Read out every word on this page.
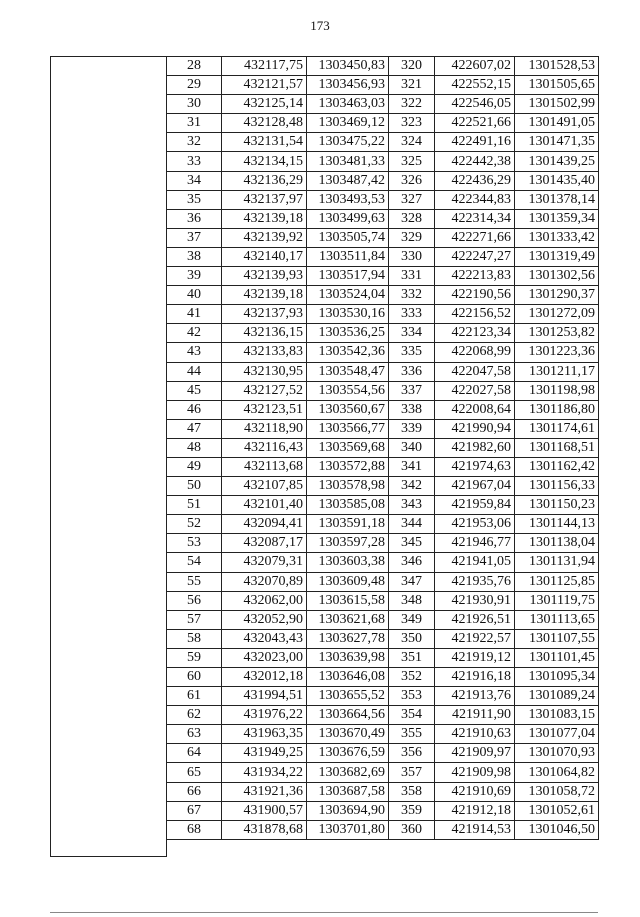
173
28	432117,75	1303450,83	320	422607,02	1301528,53
29	432121,57	1303456,93	321	422552,15	1301505,65
30	432125,14	1303463,03	322	422546,05	1301502,99
31	432128,48	1303469,12	323	422521,66	1301491,05
32	432131,54	1303475,22	324	422491,16	1301471,35
33	432134,15	1303481,33	325	422442,38	1301439,25
34	432136,29	1303487,42	326	422436,29	1301435,40
35	432137,97	1303493,53	327	422344,83	1301378,14
36	432139,18	1303499,63	328	422314,34	1301359,34
37	432139,92	1303505,74	329	422271,66	1301333,42
38	432140,17	1303511,84	330	422247,27	1301319,49
39	432139,93	1303517,94	331	422213,83	1301302,56
40	432139,18	1303524,04	332	422190,56	1301290,37
41	432137,93	1303530,16	333	422156,52	1301272,09
42	432136,15	1303536,25	334	422123,34	1301253,82
43	432133,83	1303542,36	335	422068,99	1301223,36
44	432130,95	1303548,47	336	422047,58	1301211,17
45	432127,52	1303554,56	337	422027,58	1301198,98
46	432123,51	1303560,67	338	422008,64	1301186,80
47	432118,90	1303566,77	339	421990,94	1301174,61
48	432116,43	1303569,68	340	421982,60	1301168,51
49	432113,68	1303572,88	341	421974,63	1301162,42
50	432107,85	1303578,98	342	421967,04	1301156,33
51	432101,40	1303585,08	343	421959,84	1301150,23
52	432094,41	1303591,18	344	421953,06	1301144,13
53	432087,17	1303597,28	345	421946,77	1301138,04
54	432079,31	1303603,38	346	421941,05	1301131,94
55	432070,89	1303609,48	347	421935,76	1301125,85
56	432062,00	1303615,58	348	421930,91	1301119,75
57	432052,90	1303621,68	349	421926,51	1301113,65
58	432043,43	1303627,78	350	421922,57	1301107,55
59	432023,00	1303639,98	351	421919,12	1301101,45
60	432012,18	1303646,08	352	421916,18	1301095,34
61	431994,51	1303655,52	353	421913,76	1301089,24
62	431976,22	1303664,56	354	421911,90	1301083,15
63	431963,35	1303670,49	355	421910,63	1301077,04
64	431949,25	1303676,59	356	421909,97	1301070,93
65	431934,22	1303682,69	357	421909,98	1301064,82
66	431921,36	1303687,58	358	421910,69	1301058,72
67	431900,57	1303694,90	359	421912,18	1301052,61
68	431878,68	1303701,80	360	421914,53	1301046,50
